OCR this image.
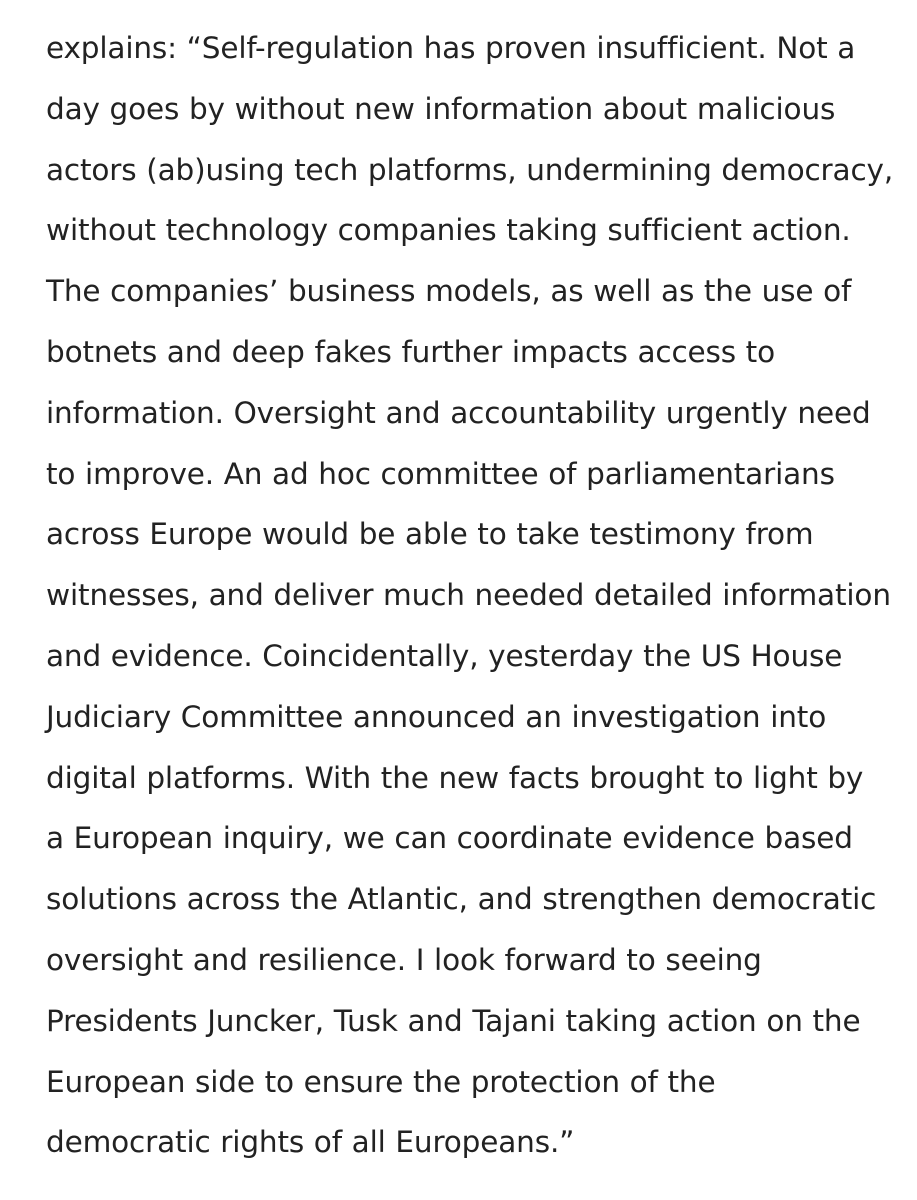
explains: “Self-regulation has proven insufficient. Not a
day goes by without new information about malicious
actors (ab)using tech platforms, undermining democracy,
without technology companies taking sufficient action.
The companies’ business models, as well as the use of
botnets and deep fakes further impacts access to
information. Oversight and accountability urgently need
to improve. An ad hoc committee of parliamentarians
across Europe would be able to take testimony from
witnesses, and deliver much needed detailed information
and evidence. Coincidentally, yesterday the US House
Judiciary Committee announced an investigation into
digital platforms. With the new facts brought to light by
a European inquiry, we can coordinate evidence based
solutions across the Atlantic, and strengthen democratic
oversight and resilience. I look forward to seeing
Presidents Juncker, Tusk and Tajani taking action on the
European side to ensure the protection of the
democratic rights of all Europeans.”
